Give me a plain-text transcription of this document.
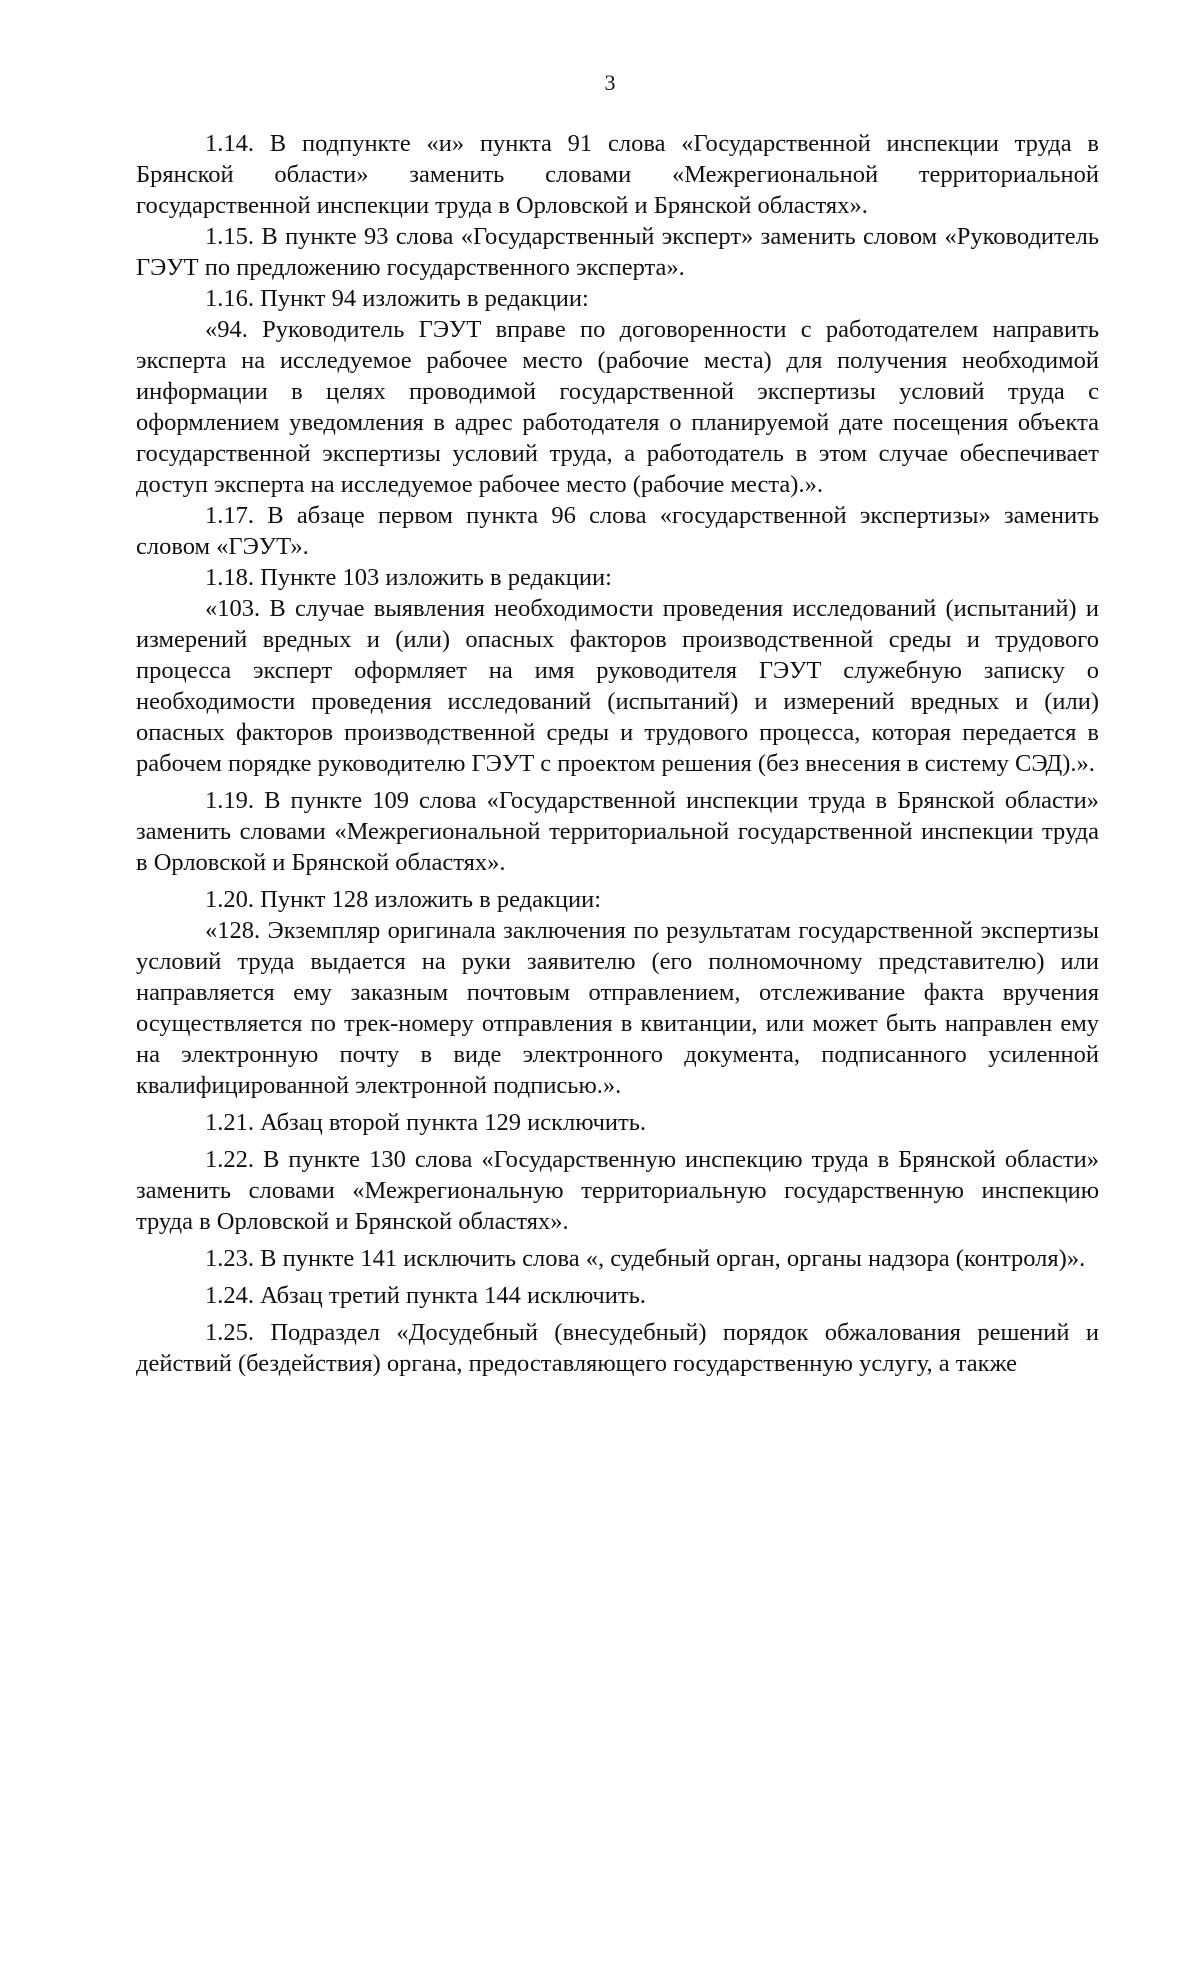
3

1.14. В подпункте «и» пункта 91 слова «Государственной инспекции труда в Брянской области» заменить словами «Межрегиональной территориальной государственной инспекции труда в Орловской и Брянской областях».

1.15. В пункте 93 слова «Государственный эксперт» заменить словом «Руководитель ГЭУТ по предложению государственного эксперта».

1.16. Пункт 94 изложить в редакции:

«94. Руководитель ГЭУТ вправе по договоренности с работодателем направить эксперта на исследуемое рабочее место (рабочие места) для получения необходимой информации в целях проводимой государственной экспертизы условий труда с оформлением уведомления в адрес работодателя о планируемой дате посещения объекта государственной экспертизы условий труда, а работодатель в этом случае обеспечивает доступ эксперта на исследуемое рабочее место (рабочие места).».

1.17. В абзаце первом пункта 96 слова «государственной экспертизы» заменить словом «ГЭУТ».

1.18. Пункте 103 изложить в редакции:

«103. В случае выявления необходимости проведения исследований (испытаний) и измерений вредных и (или) опасных факторов производственной среды и трудового процесса эксперт оформляет на имя руководителя ГЭУТ служебную записку о необходимости проведения исследований (испытаний) и измерений вредных и (или) опасных факторов производственной среды и трудового процесса, которая передается в рабочем порядке руководителю ГЭУТ с проектом решения (без внесения в систему СЭД).».

1.19. В пункте 109 слова «Государственной инспекции труда в Брянской области» заменить словами «Межрегиональной территориальной государственной инспекции труда в Орловской и Брянской областях».

1.20. Пункт 128 изложить в редакции:

«128. Экземпляр оригинала заключения по результатам государственной экспертизы условий труда выдается на руки заявителю (его полномочному представителю) или направляется ему заказным почтовым отправлением, отслеживание факта вручения осуществляется по трек-номеру отправления в квитанции, или может быть направлен ему на электронную почту в виде электронного документа, подписанного усиленной квалифицированной электронной подписью.».

1.21. Абзац второй пункта 129 исключить.

1.22. В пункте 130 слова «Государственную инспекцию труда в Брянской области» заменить словами «Межрегиональную территориальную государственную инспекцию труда в Орловской и Брянской областях».

1.23. В пункте 141 исключить слова «, судебный орган, органы надзора (контроля)».

1.24. Абзац третий пункта 144 исключить.

1.25. Подраздел «Досудебный (внесудебный) порядок обжалования решений и действий (бездействия) органа, предоставляющего государственную услугу, а также
